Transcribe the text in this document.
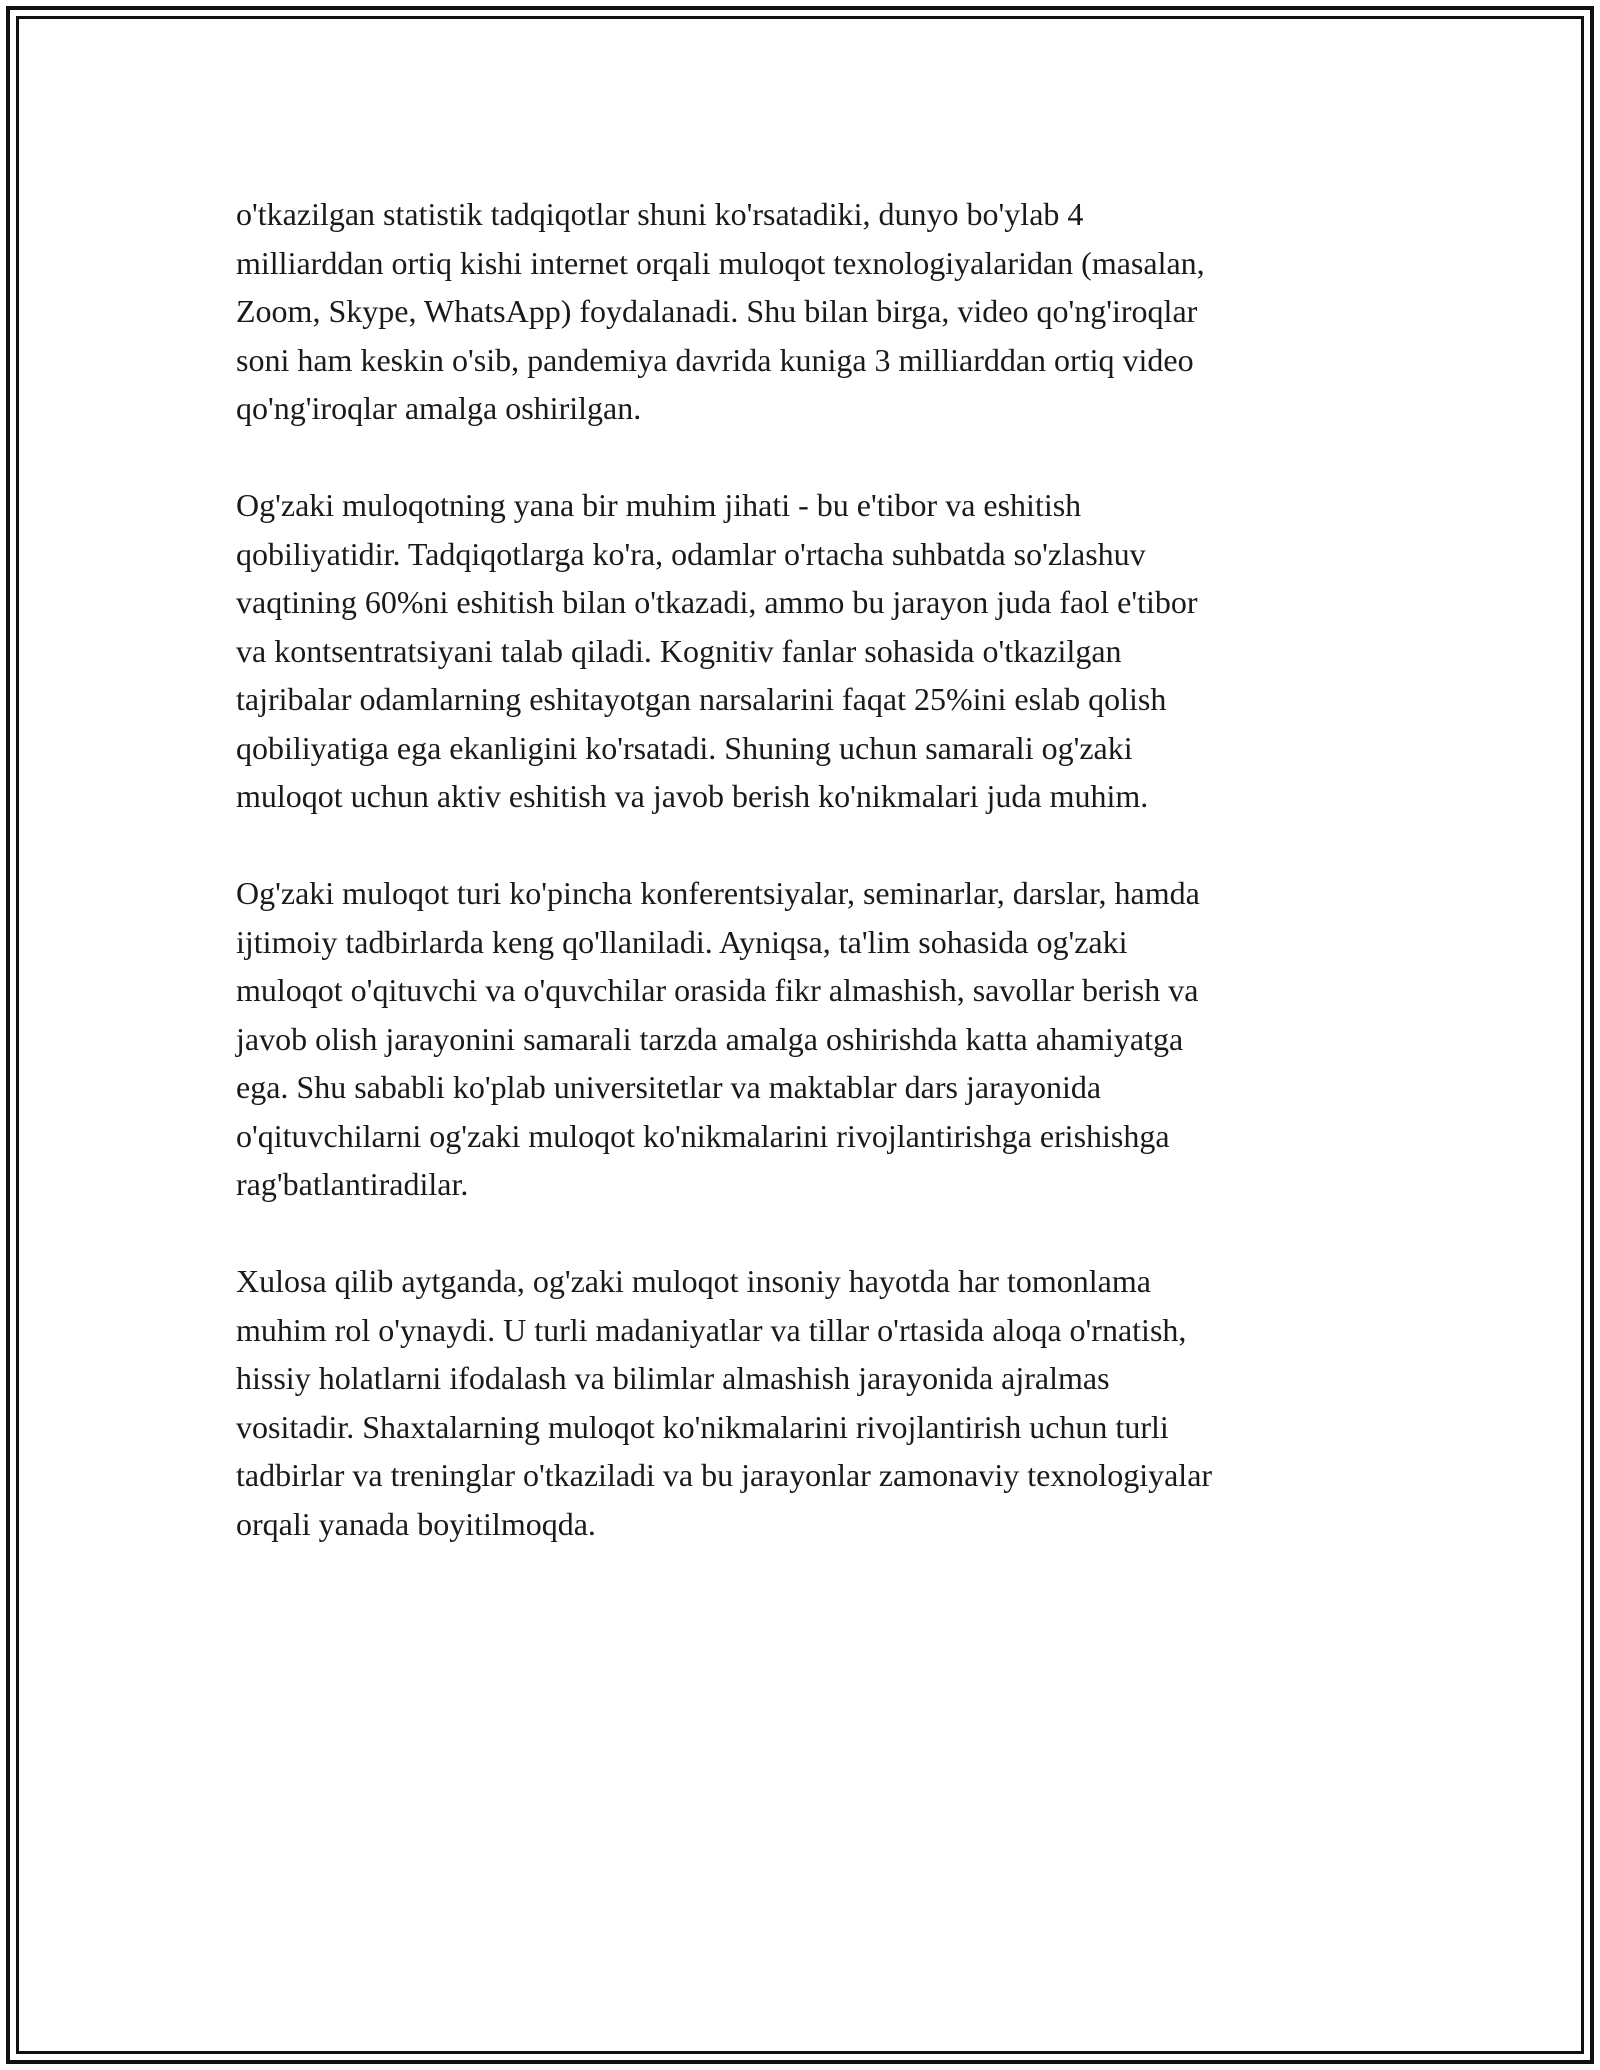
o'tkazilgan statistik tadqiqotlar shuni ko'rsatadiki, dunyo bo'ylab 4
milliarddan ortiq kishi internet orqali muloqot texnologiyalaridan (masalan,
Zoom, Skype, WhatsApp) foydalanadi. Shu bilan birga, video qo'ng'iroqlar
soni ham keskin o'sib, pandemiya davrida kuniga 3 milliarddan ortiq video
qo'ng'iroqlar amalga oshirilgan.

Og'zaki muloqotning yana bir muhim jihati - bu e'tibor va eshitish
qobiliyatidir. Tadqiqotlarga ko'ra, odamlar o'rtacha suhbatda so'zlashuv
vaqtining 60%ni eshitish bilan o'tkazadi, ammo bu jarayon juda faol e'tibor
va kontsentratsiyani talab qiladi. Kognitiv fanlar sohasida o'tkazilgan
tajribalar odamlarning eshitayotgan narsalarini faqat 25%ini eslab qolish
qobiliyatiga ega ekanligini ko'rsatadi. Shuning uchun samarali og'zaki
muloqot uchun aktiv eshitish va javob berish ko'nikmalari juda muhim.

Og'zaki muloqot turi ko'pincha konferentsiyalar, seminarlar, darslar, hamda
ijtimoiy tadbirlarda keng qo'llaniladi. Ayniqsa, ta'lim sohasida og'zaki
muloqot o'qituvchi va o'quvchilar orasida fikr almashish, savollar berish va
javob olish jarayonini samarali tarzda amalga oshirishda katta ahamiyatga
ega. Shu sababli ko'plab universitetlar va maktablar dars jarayonida
o'qituvchilarni og'zaki muloqot ko'nikmalarini rivojlantirishga erishishga
rag'batlantiradilar.

Xulosa qilib aytganda, og'zaki muloqot insoniy hayotda har tomonlama
muhim rol o'ynaydi. U turli madaniyatlar va tillar o'rtasida aloqa o'rnatish,
hissiy holatlarni ifodalash va bilimlar almashish jarayonida ajralmas
vositadir. Shaxtalarning muloqot ko'nikmalarini rivojlantirish uchun turli
tadbirlar va treninglar o'tkaziladi va bu jarayonlar zamonaviy texnologiyalar
orqali yanada boyitilmoqda.
